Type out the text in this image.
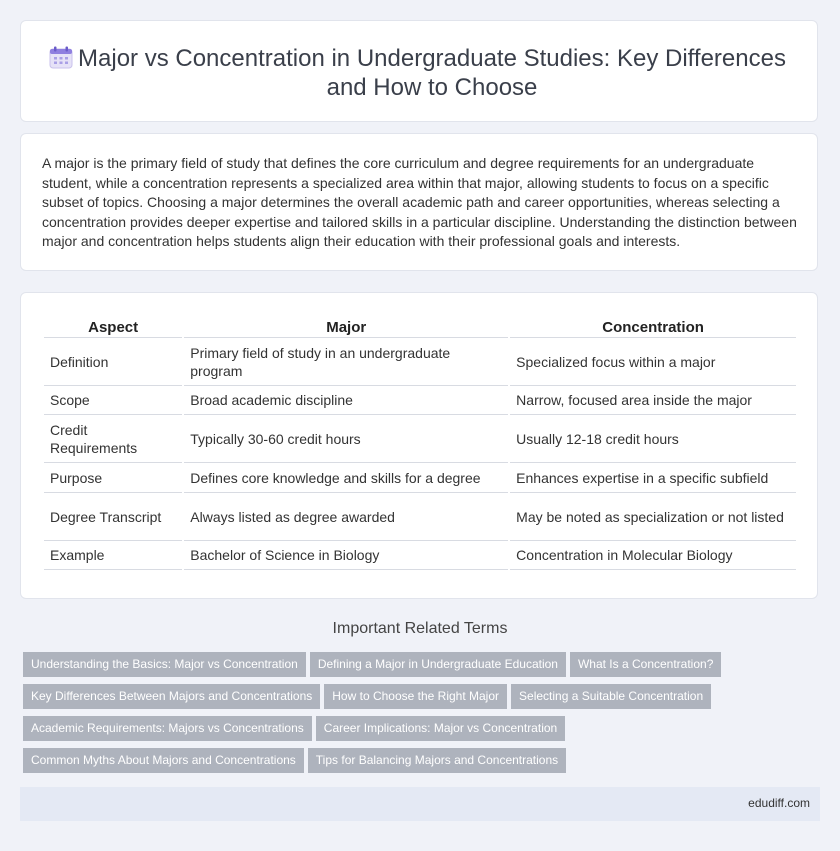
Major vs Concentration in Undergraduate Studies: Key Differences
and How to Choose

A major is the primary field of study that defines the core curriculum and degree requirements for an undergraduate student, while a concentration represents a specialized area within that major, allowing students to focus on a specific subset of topics. Choosing a major determines the overall academic path and career opportunities, whereas selecting a concentration provides deeper expertise and tailored skills in a particular discipline. Understanding the distinction between major and concentration helps students align their education with their professional goals and interests.

Aspect	Major	Concentration
Definition	Primary field of study in an undergraduate program	Specialized focus within a major
Scope	Broad academic discipline	Narrow, focused area inside the major
Credit Requirements	Typically 30-60 credit hours	Usually 12-18 credit hours
Purpose	Defines core knowledge and skills for a degree	Enhances expertise in a specific subfield
Degree Transcript	Always listed as degree awarded	May be noted as specialization or not listed
Example	Bachelor of Science in Biology	Concentration in Molecular Biology
Important Related Terms
Understanding the Basics: Major vs Concentration Defining a Major in Undergraduate Education What Is a Concentration?
Key Differences Between Majors and Concentrations How to Choose the Right Major Selecting a Suitable Concentration
Academic Requirements: Majors vs Concentrations Career Implications: Major vs Concentration
Common Myths About Majors and Concentrations Tips for Balancing Majors and Concentrations
edudiff.com
